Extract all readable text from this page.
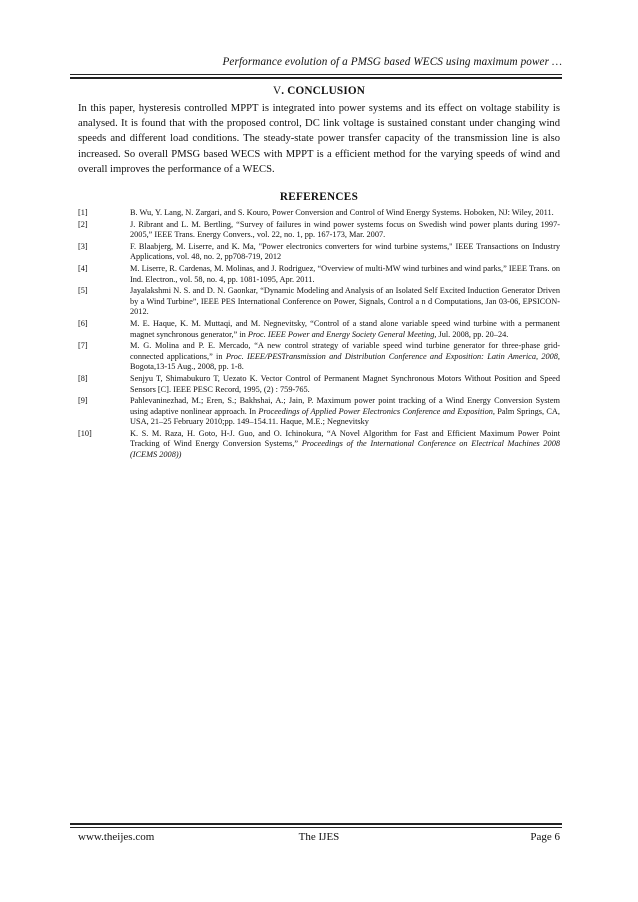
Performance evolution of a PMSG based WECS using maximum power …
V. CONCLUSION

In this paper, hysteresis controlled MPPT is integrated into power systems and its effect on voltage stability is analysed. It is found that with the proposed control, DC link voltage is sustained constant under changing wind speeds and different load conditions. The steady-state power transfer capacity of the transmission line is also increased. So overall PMSG based WECS with MPPT is a efficient method for the varying speeds of wind and overall improves the performance of a WECS.

REFERENCES
[1]	B. Wu, Y. Lang, N. Zargari, and S. Kouro, Power Conversion and Control of Wind Energy Systems. Hoboken, NJ: Wiley, 2011.
[2]	J. Ribrant and L. M. Bertling, “Survey of failures in wind power systems focus on Swedish wind power plants during 1997-2005,” IEEE Trans. Energy Convers., vol. 22, no. 1, pp. 167-173, Mar. 2007.
[3]	F. Blaabjerg, M. Liserre, and K. Ma, "Power electronics converters for wind turbine systems," IEEE Transactions on Industry Applications, vol. 48, no. 2, pp708-719, 2012
[4]	M. Liserre, R. Cardenas, M. Molinas, and J. Rodriguez, “Overview of multi-MW wind turbines and wind parks,” IEEE Trans. on Ind. Electron., vol. 58, no. 4, pp. 1081-1095, Apr. 2011.
[5]	Jayalakshmi N. S. and D. N. Gaonkar, “Dynamic Modeling and Analysis of an Isolated Self Excited Induction Generator Driven by a Wind Turbine”, IEEE PES International Conference on Power, Signals, Control a n d Computations, Jan 03-06, EPSICON-2012.
[6]	M. E. Haque, K. M. Muttaqi, and M. Negnevitsky, “Control of a stand alone variable speed wind turbine with a permanent magnet synchronous generator,” in Proc. IEEE Power and Energy Society General Meeting, Jul. 2008, pp. 20–24.
[7]	M. G. Molina and P. E. Mercado, “A new control strategy of variable speed wind turbine generator for three-phase grid-connected applications,” in Proc. IEEE/PESTransmission and Distribution Conference and Exposition: Latin America, 2008, Bogota,13-15 Aug., 2008, pp. 1-8.
[8]	Senjyu T, Shimabukuro T, Uezato K. Vector Control of Permanent Magnet Synchronous Motors Without Position and Speed Sensors [C]. IEEE PESC Record, 1995, (2) : 759-765.
[9]	Pahlevaninezhad, M.; Eren, S.; Bakhshai, A.; Jain, P. Maximum power point tracking of a Wind Energy Conversion System using adaptive nonlinear approach. In Proceedings of Applied Power Electronics Conference and Exposition, Palm Springs, CA, USA, 21–25 February 2010;pp. 149–154.11. Haque, M.E.; Negnevitsky
[10]	K. S. M. Raza, H. Goto, H-J. Guo, and O. Ichinokura, “A Novel Algorithm for Fast and Efficient Maximum Power Point Tracking of Wind Energy Conversion Systems,” Proceedings of the International Conference on Electrical Machines 2008 (ICEMS 2008))
www.theijes.com	The IJES	Page 6
